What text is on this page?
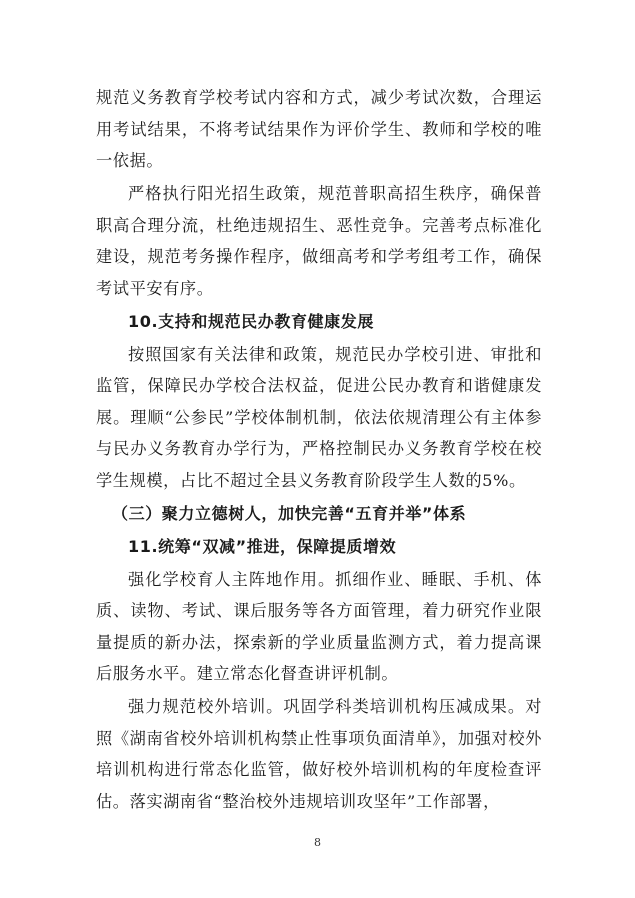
规范义务教育学校考试内容和方式，减少考试次数，合理运用考试结果，不将考试结果作为评价学生、教师和学校的唯一依据。

严格执行阳光招生政策，规范普职高招生秩序，确保普职高合理分流，杜绝违规招生、恶性竞争。完善考点标准化建设，规范考务操作程序，做细高考和学考组考工作，确保考试平安有序。

10.支持和规范民办教育健康发展

按照国家有关法律和政策，规范民办学校引进、审批和监管，保障民办学校合法权益，促进公民办教育和谐健康发展。理顺“公参民”学校体制机制，依法依规清理公有主体参与民办义务教育办学行为，严格控制民办义务教育学校在校学生规模，占比不超过全县义务教育阶段学生人数的5%。

（三）聚力立德树人，加快完善“五育并举”体系

11.统筹“双减”推进，保障提质增效

强化学校育人主阵地作用。抓细作业、睡眠、手机、体质、读物、考试、课后服务等各方面管理，着力研究作业限量提质的新办法，探索新的学业质量监测方式，着力提高课后服务水平。建立常态化督查讲评机制。

强力规范校外培训。巩固学科类培训机构压减成果。对照《湖南省校外培训机构禁止性事项负面清单》，加强对校外培训机构进行常态化监管，做好校外培训机构的年度检查评估。落实湖南省“整治校外违规培训攻坚年”工作部署，

8
